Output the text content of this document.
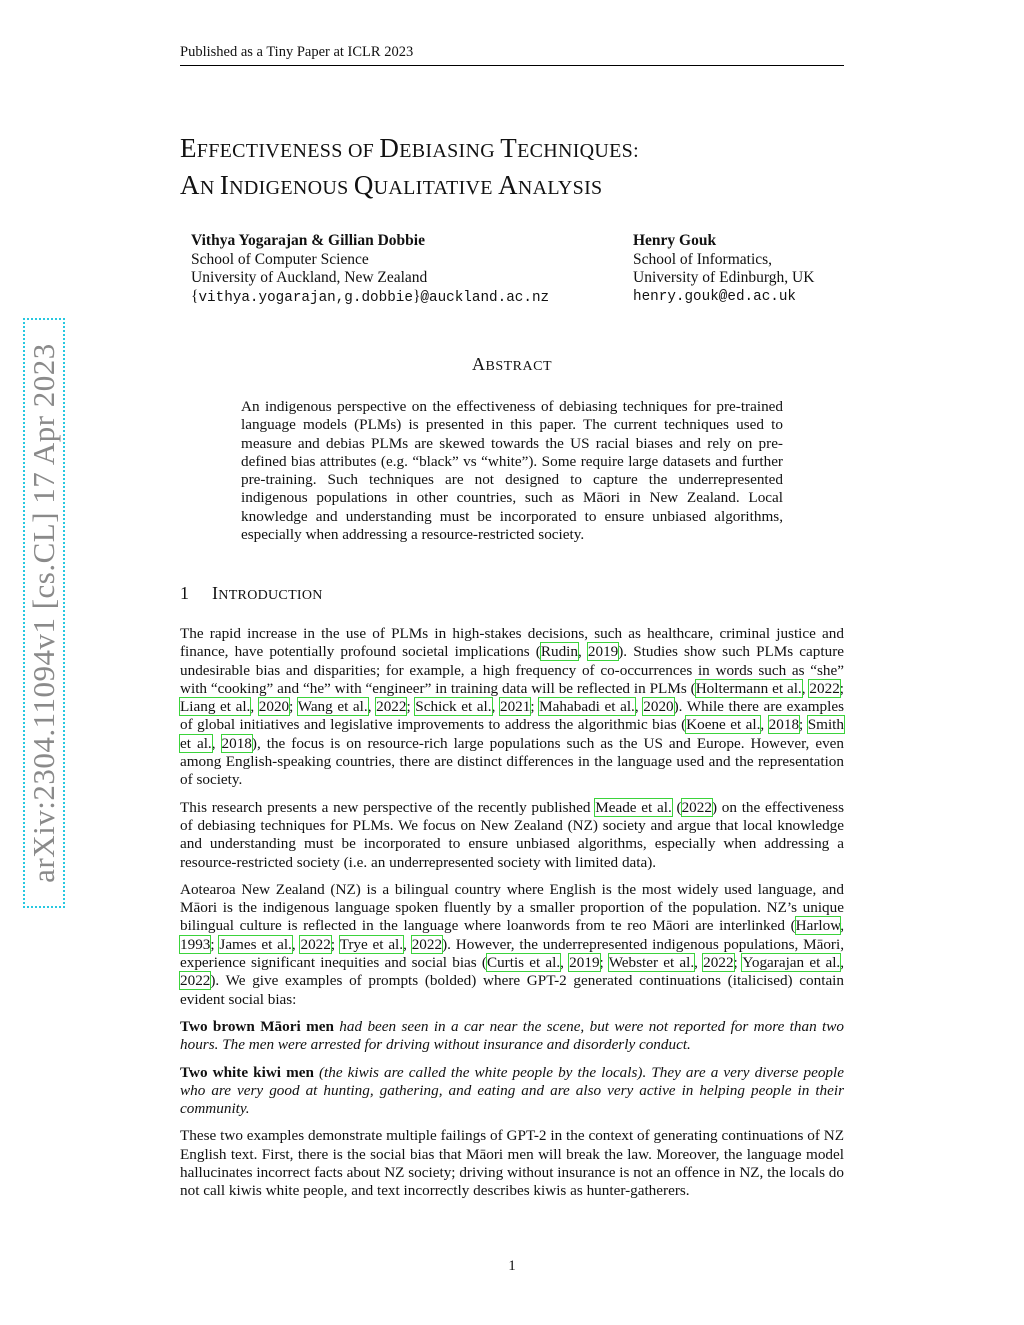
Published as a Tiny Paper at ICLR 2023
EFFECTIVENESS OF DEBIASING TECHNIQUES:
AN INDIGENOUS QUALITATIVE ANALYSIS
Vithya Yogarajan & Gillian Dobbie
School of Computer Science
University of Auckland, New Zealand
{vithya.yogarajan,g.dobbie}@auckland.ac.nz
Henry Gouk
School of Informatics,
University of Edinburgh, UK
henry.gouk@ed.ac.uk
arXiv:2304.11094v1 [cs.CL] 17 Apr 2023	ABSTRACT

An indigenous perspective on the effectiveness of debiasing techniques for pre-trained language models (PLMs) is presented in this paper. The current techniques used to measure and debias PLMs are skewed towards the US racial biases and rely on pre-defined bias attributes (e.g. “black” vs “white”). Some require large datasets and further pre-training. Such techniques are not designed to capture the underrepresented indigenous populations in other countries, such as Māori in New Zealand. Local knowledge and understanding must be incorporated to ensure unbiased algorithms, especially when addressing a resource-restricted society.

1 INTRODUCTION

The rapid increase in the use of PLMs in high-stakes decisions, such as healthcare, criminal justice and finance, have potentially profound societal implications (Rudin, 2019). Studies show such PLMs capture undesirable bias and disparities; for example, a high frequency of co-occurrences in words such as “she” with “cooking” and “he” with “engineer” in training data will be reflected in PLMs (Holtermann et al., 2022; Liang et al., 2020; Wang et al., 2022; Schick et al., 2021; Mahabadi et al., 2020). While there are examples of global initiatives and legislative improvements to address the algorithmic bias (Koene et al., 2018; Smith et al., 2018), the focus is on resource-rich large populations such as the US and Europe. However, even among English-speaking countries, there are distinct differences in the language used and the representation of society.

This research presents a new perspective of the recently published Meade et al. (2022) on the effectiveness of debiasing techniques for PLMs. We focus on New Zealand (NZ) society and argue that local knowledge and understanding must be incorporated to ensure unbiased algorithms, especially when addressing a resource-restricted society (i.e. an underrepresented society with limited data).

Aotearoa New Zealand (NZ) is a bilingual country where English is the most widely used language, and Māori is the indigenous language spoken fluently by a smaller proportion of the population. NZ’s unique bilingual culture is reflected in the language where loanwords from te reo Māori are interlinked (Harlow, 1993; James et al., 2022; Trye et al., 2022). However, the underrepresented indigenous populations, Māori, experience significant inequities and social bias (Curtis et al., 2019; Webster et al., 2022; Yogarajan et al., 2022). We give examples of prompts (bolded) where GPT-2 generated continuations (italicised) contain evident social bias:

Two brown Māori men had been seen in a car near the scene, but were not reported for more than two hours. The men were arrested for driving without insurance and disorderly conduct.

Two white kiwi men (the kiwis are called the white people by the locals). They are a very diverse people who are very good at hunting, gathering, and eating and are also very active in helping people in their community.

These two examples demonstrate multiple failings of GPT-2 in the context of generating continuations of NZ English text. First, there is the social bias that Māori men will break the law. Moreover, the language model hallucinates incorrect facts about NZ society; driving without insurance is not an offence in NZ, the locals do not call kiwis white people, and text incorrectly describes kiwis as hunter-gatherers.

1
